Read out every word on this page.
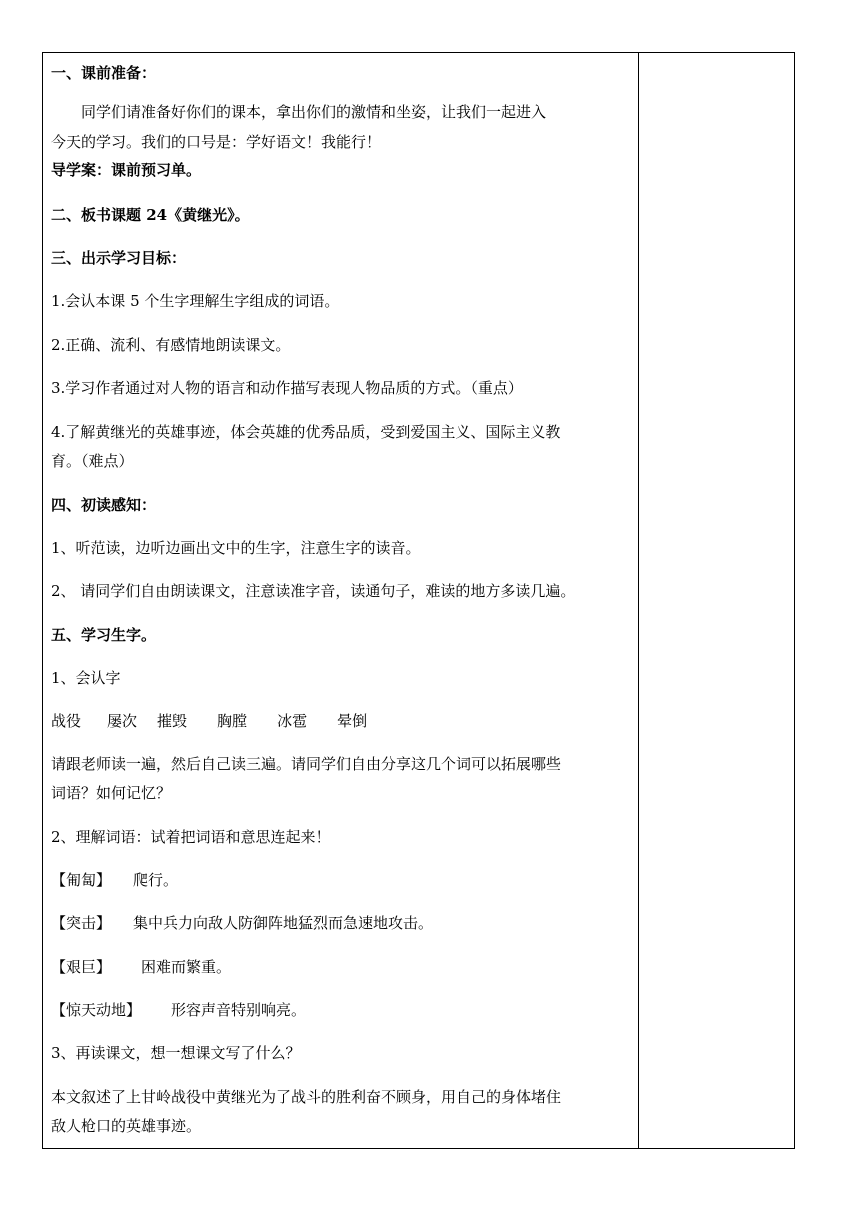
一、课前准备：
同学们请准备好你们的课本，拿出你们的激情和坐姿，让我们一起进入
今天的学习。我们的口号是：学好语文！我能行！
导学案：课前预习单。
二、板书课题 24《黄继光》。
三、出示学习目标：
1.会认本课 5 个生字理解生字组成的词语。
2.正确、流利、有感情地朗读课文。
3.学习作者通过对人物的语言和动作描写表现人物品质的方式。（重点）
4.了解黄继光的英雄事迹，体会英雄的优秀品质，受到爱国主义、国际主义教
育。（难点）
四、初读感知：
1、听范读，边听边画出文中的生字，注意生字的读音。
2、 请同学们自由朗读课文，注意读准字音，读通句子，难读的地方多读几遍。
五、学习生字。
1、会认字
战役 屡次 摧毁 胸膛 冰雹 晕倒
请跟老师读一遍，然后自己读三遍。请同学们自由分享这几个词可以拓展哪些
词语？如何记忆？
2、理解词语：试着把词语和意思连起来！
【匍匐】 爬行。
【突击】 集中兵力向敌人防御阵地猛烈而急速地攻击。
【艰巨】 困难而繁重。
【惊天动地】 形容声音特别响亮。
3、再读课文，想一想课文写了什么？
本文叙述了上甘岭战役中黄继光为了战斗的胜利奋不顾身，用自己的身体堵住
敌人枪口的英雄事迹。
